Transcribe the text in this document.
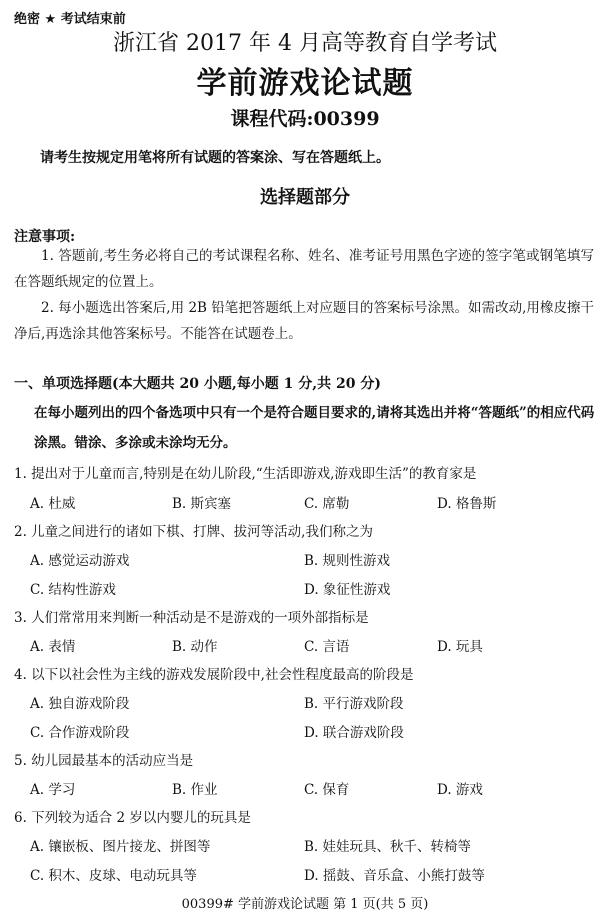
绝密 ★ 考试结束前
浙江省 2017 年 4 月高等教育自学考试
学前游戏论试题
课程代码:00399
请考生按规定用笔将所有试题的答案涂、写在答题纸上。
选择题部分
注意事项:
1. 答题前,考生务必将自己的考试课程名称、姓名、准考证号用黑色字迹的签字笔或钢笔填写在答题纸规定的位置上。
2. 每小题选出答案后,用 2B 铅笔把答题纸上对应题目的答案标号涂黑。如需改动,用橡皮擦干净后,再选涂其他答案标号。不能答在试题卷上。
一、单项选择题(本大题共 20 小题,每小题 1 分,共 20 分)
在每小题列出的四个备选项中只有一个是符合题目要求的,请将其选出并将“答题纸”的相应代码涂黑。错涂、多涂或未涂均无分。
1. 提出对于儿童而言,特别是在幼儿阶段,“生活即游戏,游戏即生活”的教育家是
A. 杜威	B. 斯宾塞	C. 席勒	D. 格鲁斯
2. 儿童之间进行的诸如下棋、打牌、拔河等活动,我们称之为
A. 感觉运动游戏	B. 规则性游戏
C. 结构性游戏	D. 象征性游戏
3. 人们常常用来判断一种活动是不是游戏的一项外部指标是
A. 表情	B. 动作	C. 言语	D. 玩具
4. 以下以社会性为主线的游戏发展阶段中,社会性程度最高的阶段是
A. 独自游戏阶段	B. 平行游戏阶段
C. 合作游戏阶段	D. 联合游戏阶段
5. 幼儿园最基本的活动应当是
A. 学习	B. 作业	C. 保育	D. 游戏
6. 下列较为适合 2 岁以内婴儿的玩具是
A. 镶嵌板、图片接龙、拼图等	B. 娃娃玩具、秋千、转椅等
C. 积木、皮球、电动玩具等	D. 摇鼓、音乐盒、小熊打鼓等
00399# 学前游戏论试题 第 1 页(共 5 页)
